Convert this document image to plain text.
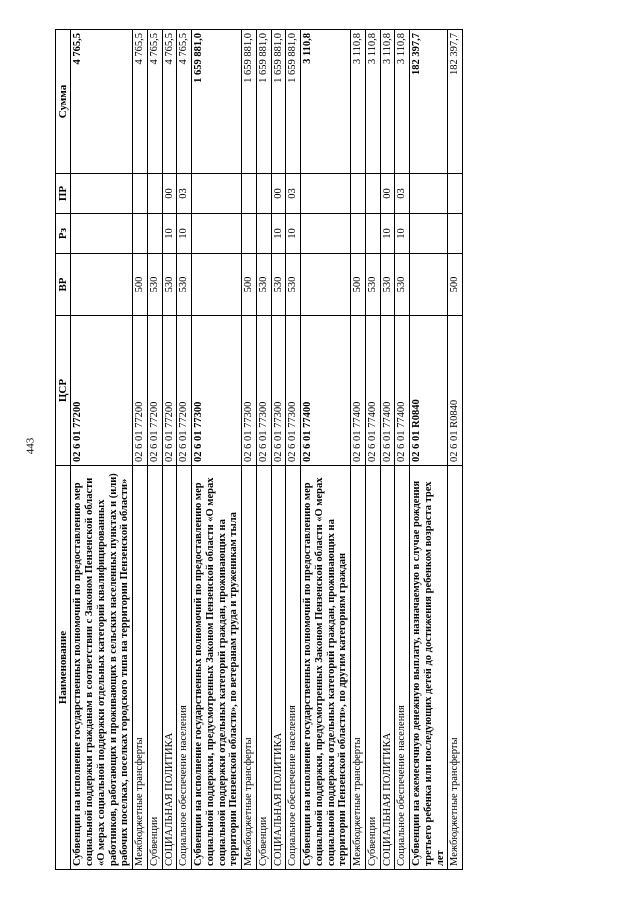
443
Наименование	ЦСР	ВР	Рз	ПР	Сумма
Субвенции на исполнение государственных полномочий по предоставлению мер социальной поддержки гражданам в соответствии с Законом Пензенской области «О мерах социальной поддержки отдельных категорий квалифицированных работников, работающих и проживающих в сельских населенных пунктах и (или) рабочих поселках, поселках городского типа на территории Пензенской области»	02 6 01 77200				4 765,5
Межбюджетные трансферты	02 6 01 77200	500			4 765,5
Субвенции	02 6 01 77200	530			4 765,5
СОЦИАЛЬНАЯ ПОЛИТИКА	02 6 01 77200	530	10	00	4 765,5
Социальное обеспечение населения	02 6 01 77200	530	10	03	4 765,5
Субвенции на исполнение государственных полномочий по предоставлению мер социальной поддержки, предусмотренных Законом Пензенской области «О мерах социальной поддержки отдельных категорий граждан, проживающих на территории Пензенской области», по ветеранам труда и труженикам тыла	02 6 01 77300				1 659 881,0
Межбюджетные трансферты	02 6 01 77300	500			1 659 881,0
Субвенции	02 6 01 77300	530			1 659 881,0
СОЦИАЛЬНАЯ ПОЛИТИКА	02 6 01 77300	530	10	00	1 659 881,0
Социальное обеспечение населения	02 6 01 77300	530	10	03	1 659 881,0
Субвенции на исполнение государственных полномочий по предоставлению мер социальной поддержки, предусмотренных Законом Пензенской области «О мерах социальной поддержки отдельных категорий граждан, проживающих на территории Пензенской области», по другим категориям граждан	02 6 01 77400				3 110,8
Межбюджетные трансферты	02 6 01 77400	500			3 110,8
Субвенции	02 6 01 77400	530			3 110,8
СОЦИАЛЬНАЯ ПОЛИТИКА	02 6 01 77400	530	10	00	3 110,8
Социальное обеспечение населения	02 6 01 77400	530	10	03	3 110,8
Субвенции на ежемесячную денежную выплату, назначаемую в случае рождения третьего ребенка или последующих детей до достижения ребенком возраста трех лет	02 6 01 R0840				182 397,7
Межбюджетные трансферты	02 6 01 R0840	500			182 397,7
